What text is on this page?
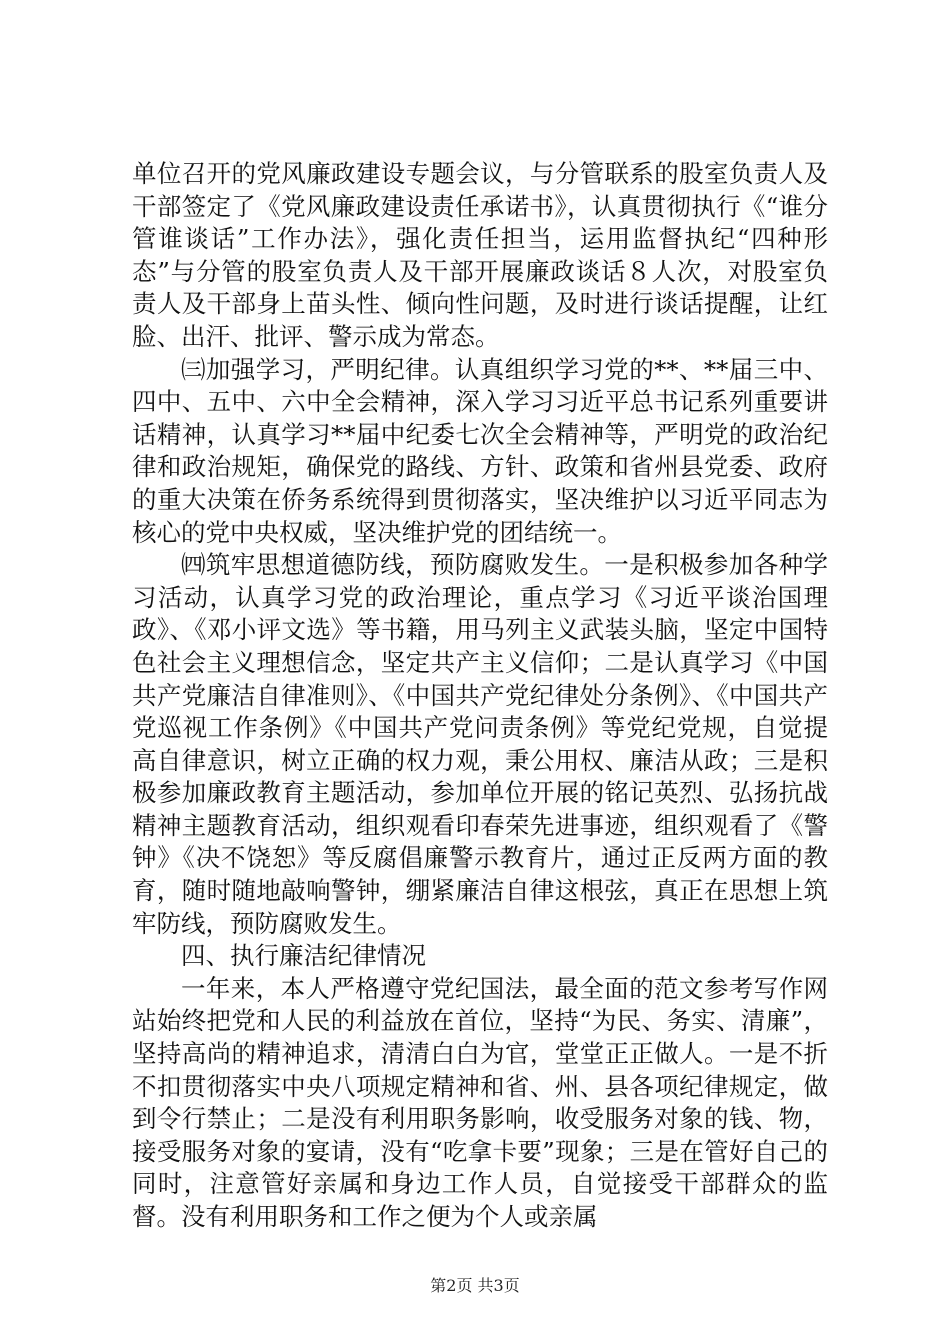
单位召开的党风廉政建设专题会议，与分管联系的股室负责人及干部签定了《党风廉政建设责任承诺书》，认真贯彻执行《“谁分管谁谈话”工作办法》，强化责任担当，运用监督执纪“四种形态”与分管的股室负责人及干部开展廉政谈话８人次，对股室负责人及干部身上苗头性、倾向性问题，及时进行谈话提醒，让红脸、出汗、批评、警示成为常态。

㈢加强学习，严明纪律。认真组织学习党的**、**届三中、四中、五中、六中全会精神，深入学习习近平总书记系列重要讲话精神，认真学习**届中纪委七次全会精神等，严明党的政治纪律和政治规矩，确保党的路线、方针、政策和省州县党委、政府的重大决策在侨务系统得到贯彻落实，坚决维护以习近平同志为核心的党中央权威，坚决维护党的团结统一。

㈣筑牢思想道德防线，预防腐败发生。一是积极参加各种学习活动，认真学习党的政治理论，重点学习《习近平谈治国理政》、《邓小评文选》等书籍，用马列主义武装头脑，坚定中国特色社会主义理想信念，坚定共产主义信仰；二是认真学习《中国共产党廉洁自律准则》、《中国共产党纪律处分条例》、《中国共产党巡视工作条例》《中国共产党问责条例》等党纪党规，自觉提高自律意识，树立正确的权力观，秉公用权、廉洁从政；三是积极参加廉政教育主题活动，参加单位开展的铭记英烈、弘扬抗战精神主题教育活动，组织观看印春荣先进事迹，组织观看了《警钟》《决不饶恕》等反腐倡廉警示教育片，通过正反两方面的教育，随时随地敲响警钟，绷紧廉洁自律这根弦，真正在思想上筑牢防线，预防腐败发生。

四、执行廉洁纪律情况

一年来，本人严格遵守党纪国法，最全面的范文参考写作网站始终把党和人民的利益放在首位，坚持“为民、务实、清廉”，坚持高尚的精神追求，清清白白为官，堂堂正正做人。一是不折不扣贯彻落实中央八项规定精神和省、州、县各项纪律规定，做到令行禁止；二是没有利用职务影响，收受服务对象的钱、物，接受服务对象的宴请，没有“吃拿卡要”现象；三是在管好自己的同时，注意管好亲属和身边工作人员，自觉接受干部群众的监督。没有利用职务和工作之便为个人或亲属

第2页 共3页
